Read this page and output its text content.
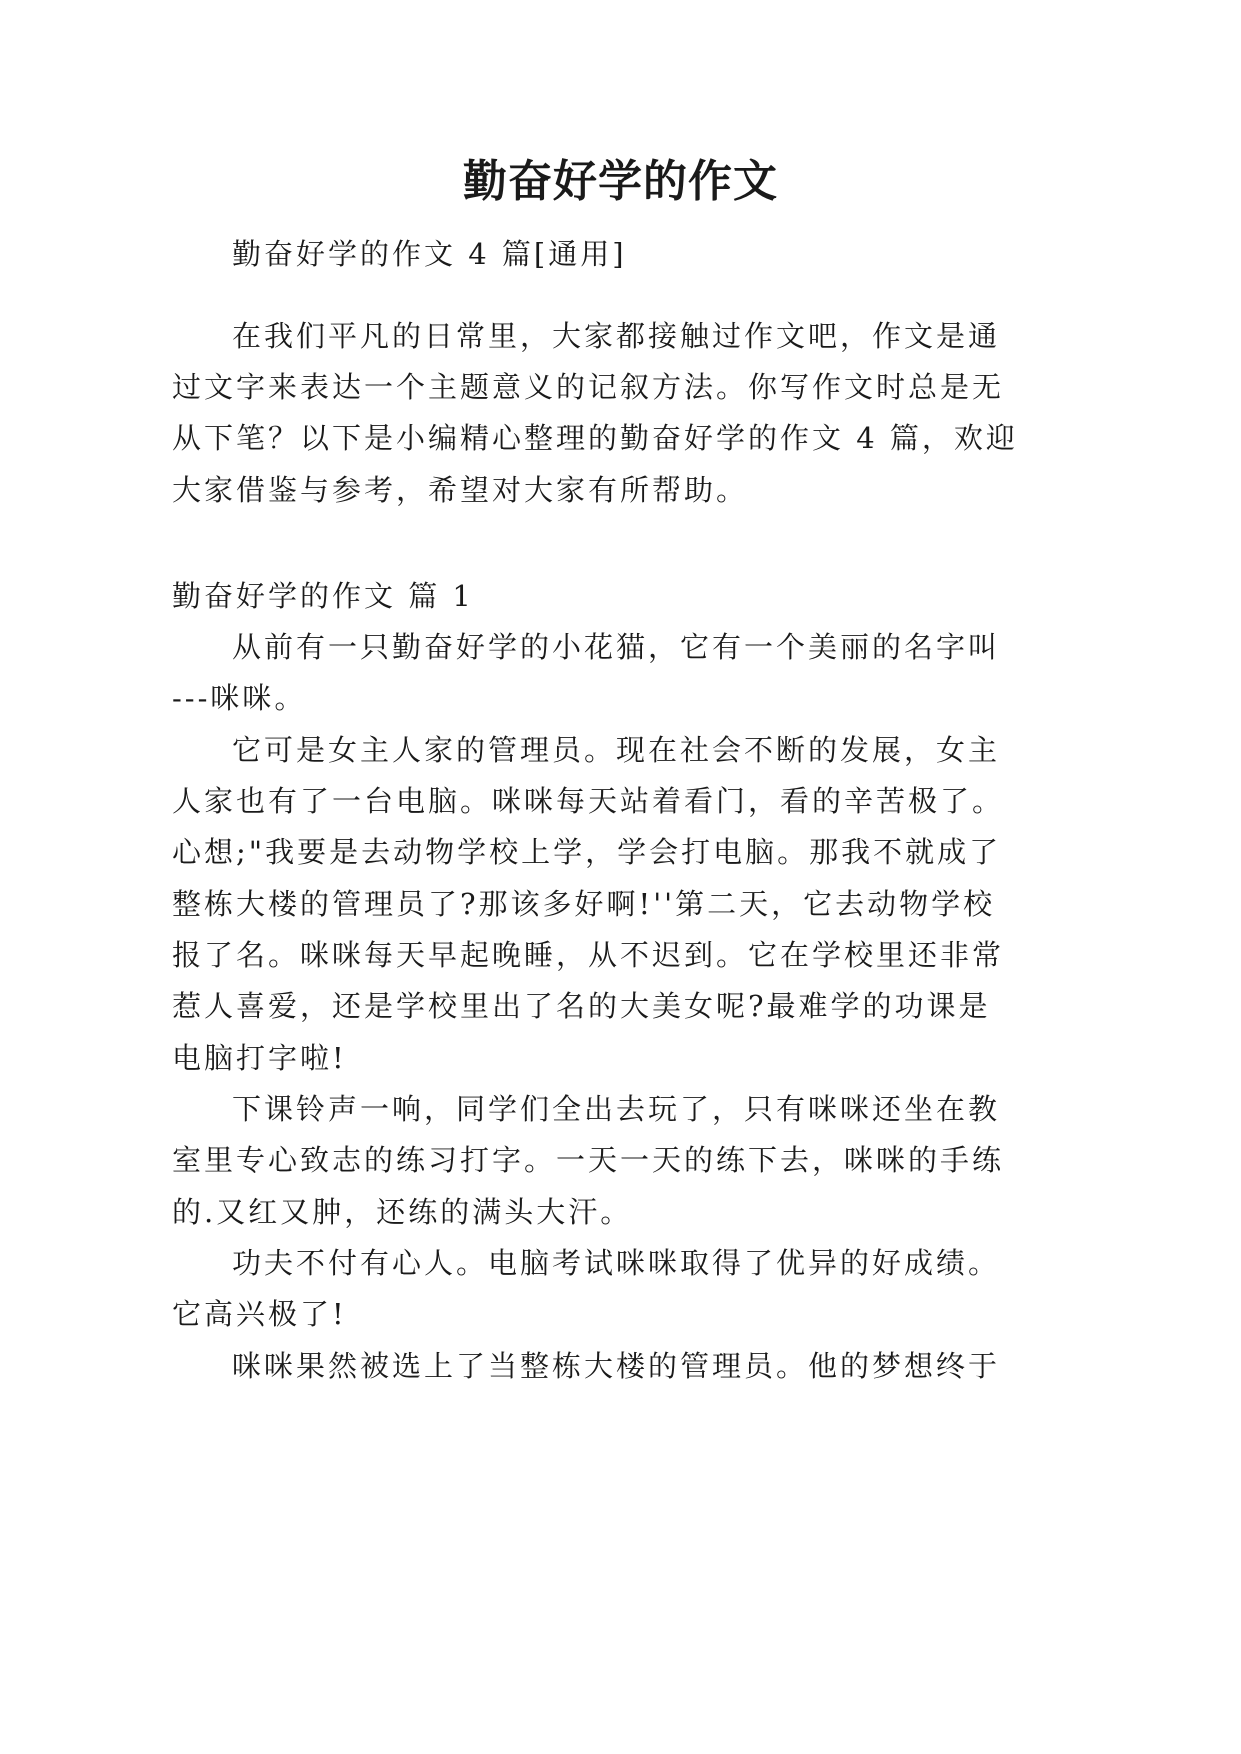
勤奋好学的作文
勤奋好学的作文 4 篇[通用]
在我们平凡的日常里，大家都接触过作文吧，作文是通
过文字来表达一个主题意义的记叙方法。你写作文时总是无
从下笔？以下是小编精心整理的勤奋好学的作文 4 篇，欢迎
大家借鉴与参考，希望对大家有所帮助。
勤奋好学的作文 篇 1
从前有一只勤奋好学的小花猫，它有一个美丽的名字叫
---咪咪。
它可是女主人家的管理员。现在社会不断的发展，女主
人家也有了一台电脑。咪咪每天站着看门，看的辛苦极了。
心想;"我要是去动物学校上学，学会打电脑。那我不就成了
整栋大楼的管理员了?那该多好啊!''第二天，它去动物学校
报了名。咪咪每天早起晚睡，从不迟到。它在学校里还非常
惹人喜爱，还是学校里出了名的大美女呢?最难学的功课是
电脑打字啦!
下课铃声一响，同学们全出去玩了，只有咪咪还坐在教
室里专心致志的练习打字。一天一天的练下去，咪咪的手练
的.又红又肿，还练的满头大汗。
功夫不付有心人。电脑考试咪咪取得了优异的好成绩。
它高兴极了!
咪咪果然被选上了当整栋大楼的管理员。他的梦想终于
